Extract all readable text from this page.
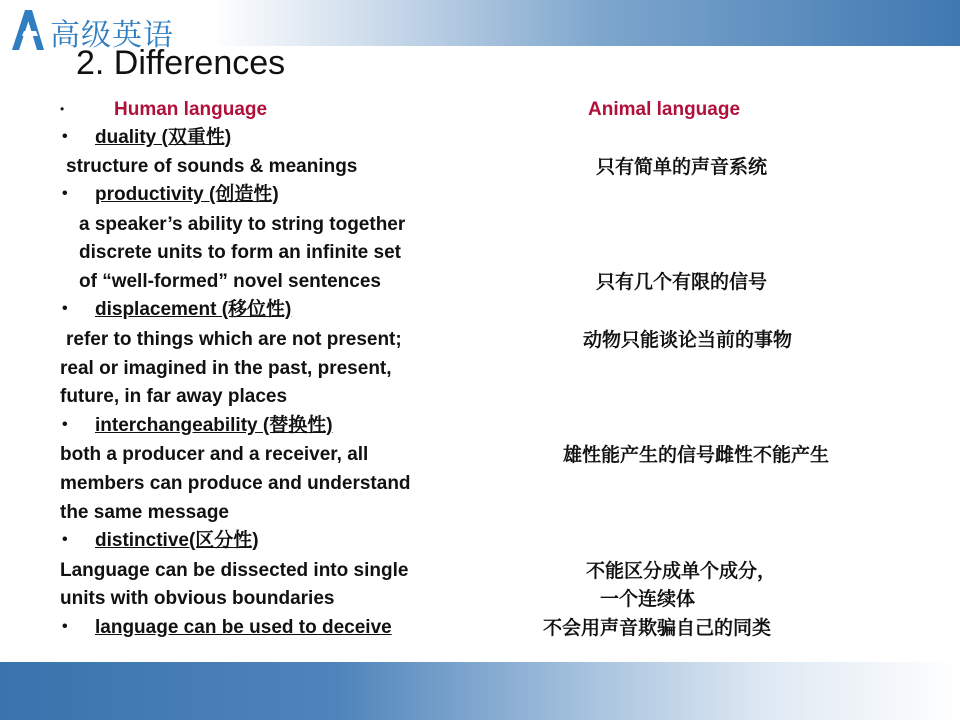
高级英语
2. Differences
•	Human language	Animal language
• duality (双重性)
structure of sounds & meanings	只有简单的声音系统
• productivity (创造性)
a speaker’s ability to string together
discrete units to form an infinite set
of “well-formed” novel sentences	只有几个有限的信号
• displacement (移位性)
refer to things which are not present;	动物只能谈论当前的事物
real or imagined in the past, present,
future, in far away places
• interchangeability (替换性)
both a producer and a receiver, all	雄性能产生的信号雌性不能产生
members can produce and understand
the same message
• distinctive(区分性)
Language can be dissected into single	不能区分成单个成分，
units with obvious boundaries	一个连续体
• language can be used to deceive	不会用声音欺骗自己的同类
